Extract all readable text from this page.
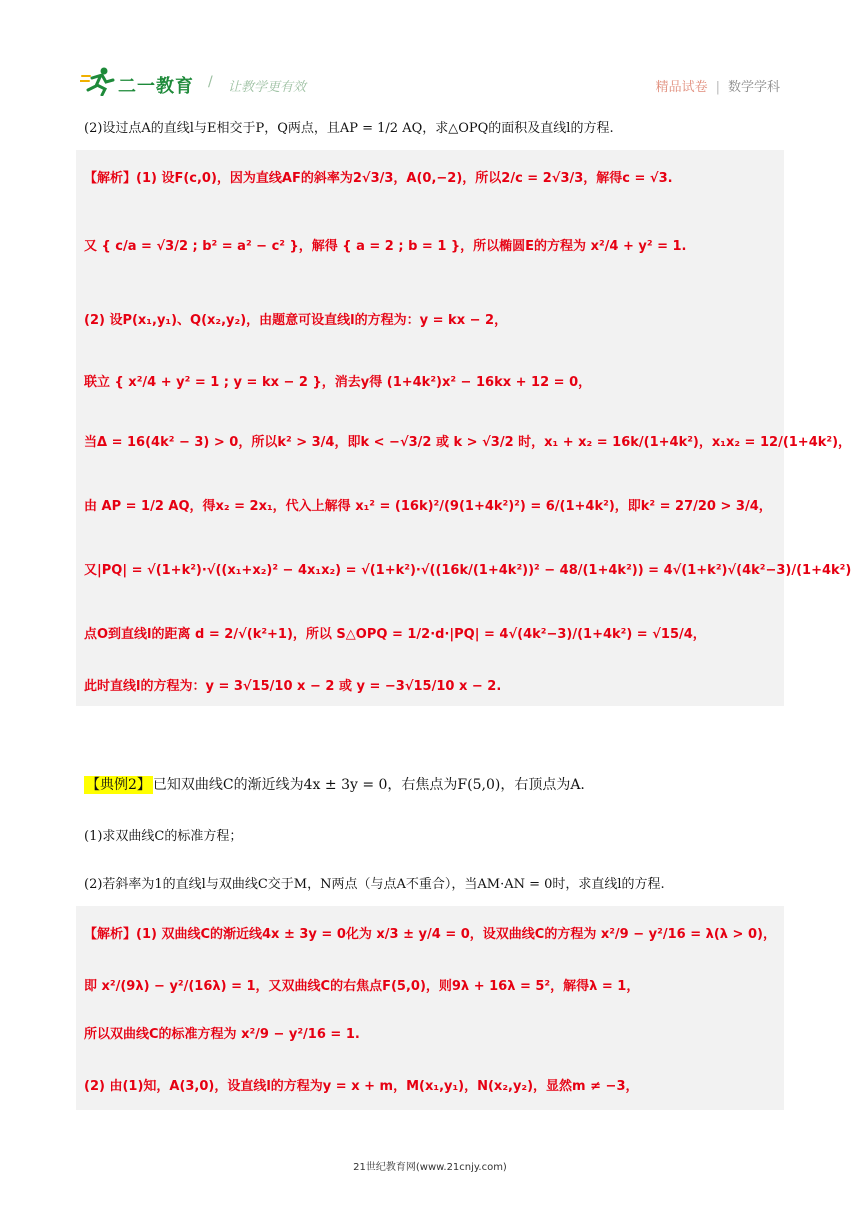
二一教育 / 让教学更有效	精品试卷 | 数学学科
(2)设过点A的直线l与E相交于P，Q两点，且AP = 1/2 AQ，求△OPQ的面积及直线l的方程.
【解析】(1) 设F(c,0)，因为直线AF的斜率为2√3/3，A(0,−2)，所以2/c = 2√3/3，解得c = √3.
又 { c/a = √3/2 ; b² = a² − c² }，解得 { a = 2 ; b = 1 }，所以椭圆E的方程为 x²/4 + y² = 1.
(2) 设P(x₁,y₁)、Q(x₂,y₂)，由题意可设直线l的方程为：y = kx − 2，
联立 { x²/4 + y² = 1 ; y = kx − 2 }，消去y得 (1+4k²)x² − 16kx + 12 = 0，
当Δ = 16(4k² − 3) > 0，所以k² > 3/4，即k < −√3/2 或 k > √3/2 时，x₁ + x₂ = 16k/(1+4k²)，x₁x₂ = 12/(1+4k²)，
由 AP = 1/2 AQ，得x₂ = 2x₁，代入上解得 x₁² = (16k)²/(9(1+4k²)²) = 6/(1+4k²)，即k² = 27/20 > 3/4，
又|PQ| = √(1+k²)·√((x₁+x₂)² − 4x₁x₂) = √(1+k²)·√((16k/(1+4k²))² − 48/(1+4k²)) = 4√(1+k²)√(4k²−3)/(1+4k²)
点O到直线l的距离 d = 2/√(k²+1)，所以 S△OPQ = 1/2·d·|PQ| = 4√(4k²−3)/(1+4k²) = √15/4，
此时直线l的方程为：y = 3√15/10 x − 2 或 y = −3√15/10 x − 2.
【典例2】 已知双曲线C的渐近线为4x ± 3y = 0，右焦点为F(5,0)，右顶点为A.
(1)求双曲线C的标准方程；
(2)若斜率为1的直线l与双曲线C交于M，N两点（与点A不重合），当AM·AN = 0时，求直线l的方程.
【解析】(1) 双曲线C的渐近线4x ± 3y = 0化为 x/3 ± y/4 = 0，设双曲线C的方程为 x²/9 − y²/16 = λ(λ > 0)，
即 x²/(9λ) − y²/(16λ) = 1，又双曲线C的右焦点F(5,0)，则9λ + 16λ = 5²，解得λ = 1，
所以双曲线C的标准方程为 x²/9 − y²/16 = 1.
(2) 由(1)知，A(3,0)，设直线l的方程为y = x + m，M(x₁,y₁)，N(x₂,y₂)，显然m ≠ −3，
21世纪教育网(www.21cnjy.com)
